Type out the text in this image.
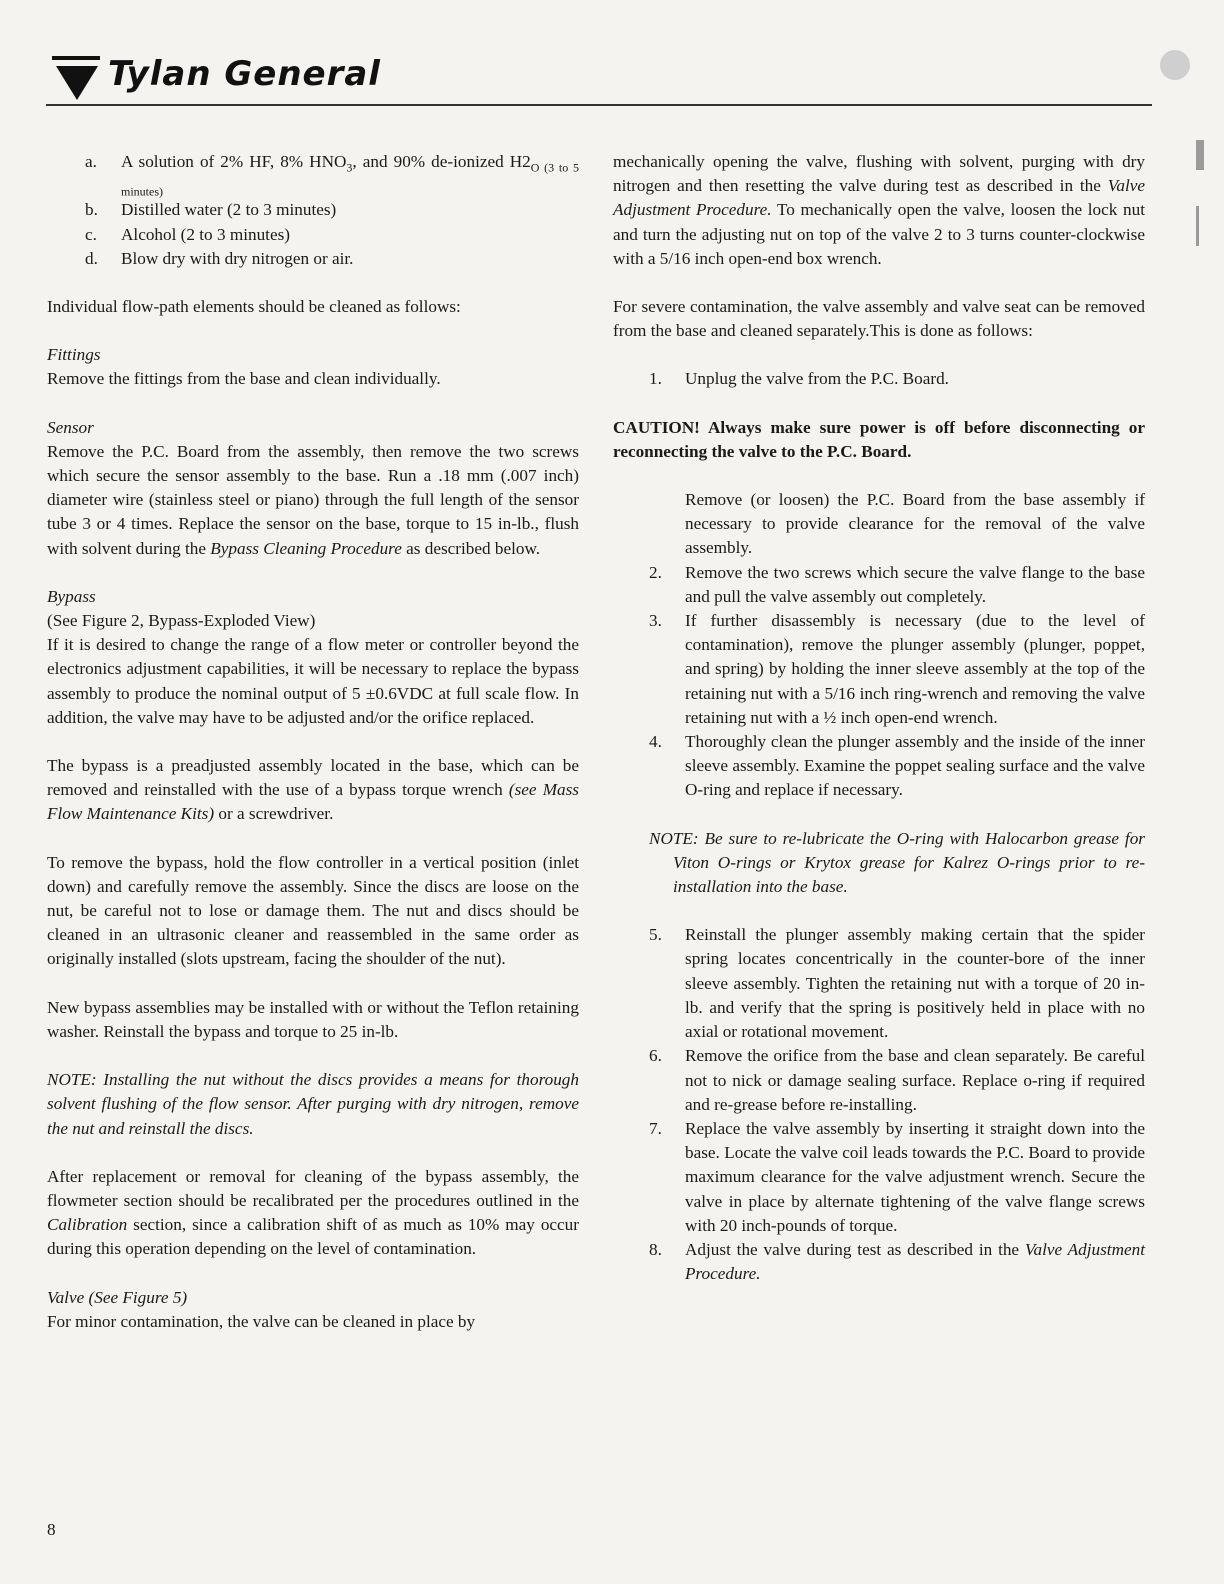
Tylan General
a. A solution of 2% HF, 8% $HNO_3$, and 90% de-ionized $H2_{O (3 to 5 minutes)}$
b. Distilled water (2 to 3 minutes)
c. Alcohol (2 to 3 minutes)
d. Blow dry with dry nitrogen or air.

Individual flow-path elements should be cleaned as follows:

Fittings

Remove the fittings from the base and clean individually.

Sensor

Remove the P.C. Board from the assembly, then remove the two screws which secure the sensor assembly to the base. Run a .18 mm (.007 inch) diameter wire (stainless steel or piano) through the full length of the sensor tube 3 or 4 times. Replace the sensor on the base, torque to 15 in-lb., flush with solvent during the Bypass Cleaning Procedure as described below.

Bypass

(See Figure 2, Bypass-Exploded View)

If it is desired to change the range of a flow meter or controller beyond the electronics adjustment capabilities, it will be necessary to replace the bypass assembly to produce the nominal output of 5 ±0.6VDC at full scale flow. In addition, the valve may have to be adjusted and/or the orifice replaced.

The bypass is a preadjusted assembly located in the base, which can be removed and reinstalled with the use of a bypass torque wrench (see Mass Flow Maintenance Kits) or a screwdriver.

To remove the bypass, hold the flow controller in a vertical position (inlet down) and carefully remove the assembly. Since the discs are loose on the nut, be careful not to lose or damage them. The nut and discs should be cleaned in an ultrasonic cleaner and reassembled in the same order as originally installed (slots upstream, facing the shoulder of the nut).

New bypass assemblies may be installed with or without the Teflon retaining washer. Reinstall the bypass and torque to 25 in-lb.

NOTE: Installing the nut without the discs provides a means for thorough solvent flushing of the flow sensor. After purging with dry nitrogen, remove the nut and reinstall the discs.

After replacement or removal for cleaning of the bypass assembly, the flowmeter section should be recalibrated per the procedures outlined in the Calibration section, since a calibration shift of as much as 10% may occur during this operation depending on the level of contamination.

Valve (See Figure 5)

For minor contamination, the valve can be cleaned in place by

mechanically opening the valve, flushing with solvent, purging with dry nitrogen and then resetting the valve during test as described in the Valve Adjustment Procedure. To mechanically open the valve, loosen the lock nut and turn the adjusting nut on top of the valve 2 to 3 turns counter-clockwise with a 5/16 inch open-end box wrench.

For severe contamination, the valve assembly and valve seat can be removed from the base and cleaned separately.This is done as follows:

1. Unplug the valve from the P.C. Board.

CAUTION! Always make sure power is off before disconnecting or reconnecting the valve to the P.C. Board.

Remove (or loosen) the P.C. Board from the base assembly if necessary to provide clearance for the removal of the valve assembly.

2. Remove the two screws which secure the valve flange to the base and pull the valve assembly out completely.
3. If further disassembly is necessary (due to the level of contamination), remove the plunger assembly (plunger, poppet, and spring) by holding the inner sleeve assembly at the top of the retaining nut with a 5/16 inch ring-wrench and removing the valve retaining nut with a ½ inch open-end wrench.
4. Thoroughly clean the plunger assembly and the inside of the inner sleeve assembly. Examine the poppet sealing surface and the valve O-ring and replace if necessary.
NOTE: Be sure to re-lubricate the O-ring with Halocarbon grease for Viton O-rings or Krytox grease for Kalrez O-rings prior to re-installation into the base.
5. Reinstall the plunger assembly making certain that the spider spring locates concentrically in the counter-bore of the inner sleeve assembly. Tighten the retaining nut with a torque of 20 in-lb. and verify that the spring is positively held in place with no axial or rotational movement.
6. Remove the orifice from the base and clean separately. Be careful not to nick or damage sealing surface. Replace o-ring if required and re-grease before re-installing.
7. Replace the valve assembly by inserting it straight down into the base. Locate the valve coil leads towards the P.C. Board to provide maximum clearance for the valve adjustment wrench. Secure the valve in place by alternate tightening of the valve flange screws with 20 inch-pounds of torque.
8. Adjust the valve during test as described in the Valve Adjustment Procedure.
8
